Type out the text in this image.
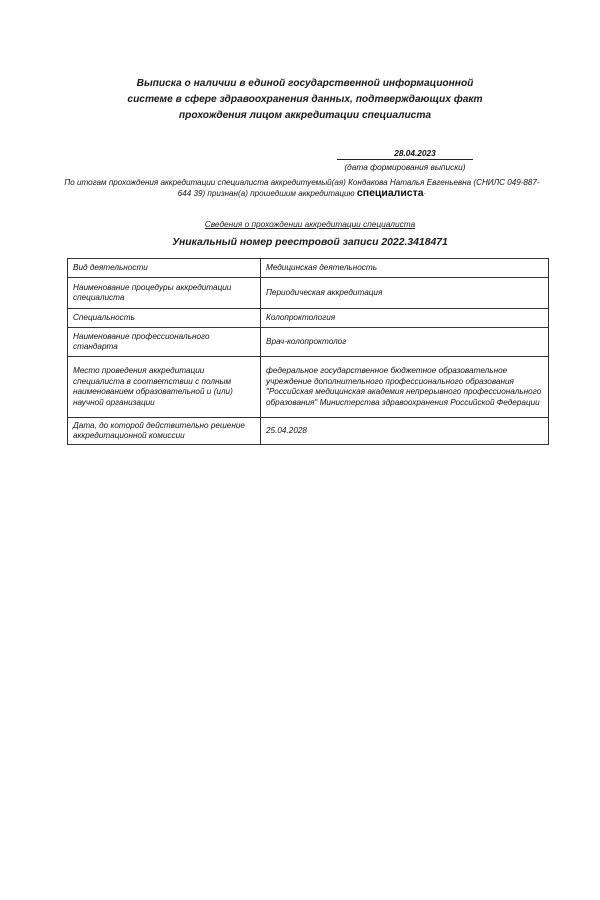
Выписка о наличии в единой государственной информационной
системе в сфере здравоохранения данных, подтверждающих факт
прохождения лицом аккредитации специалиста
28.04.2023
(дата формирования выписки)
По итогам прохождения аккредитации специалиста аккредитуемый(ая) Кондакова Наталья Евгеньевна (СНИЛС 049-887-644 39) признан(а) прошедшим аккредитацию специалиста·
Сведения о прохождении аккредитации специалиста
Уникальный номер реестровой записи 2022.3418471
Вид деятельности	Медицинская деятельность
Наименование процедуры аккредитации специалиста	Периодическая аккредитация
Специальность	Колопроктология
Наименование профессионального стандарта	Врач-колопроктолог
Место проведения аккредитации специалиста в соответствии с полным наименованием образовательной и (или) научной организации	федеральное государственное бюджетное образовательное учреждение дополнительного профессионального образования "Российская медицинская академия непрерывного профессионального образования" Министерства здравоохранения Российской Федерации
Дата, до которой действительно решение аккредитационной комиссии	25.04.2028
